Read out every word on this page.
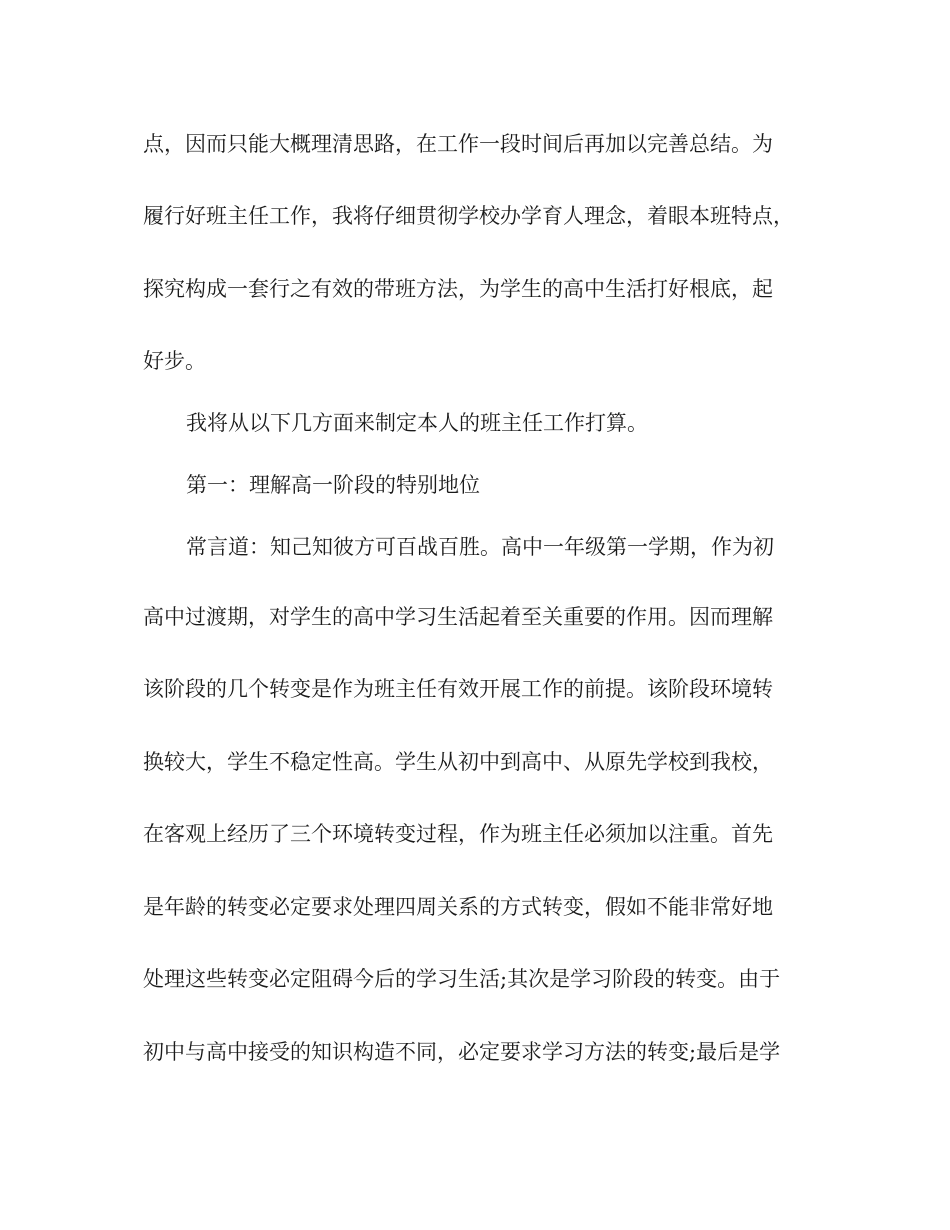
点，因而只能大概理清思路，在工作一段时间后再加以完善总结。为

履行好班主任工作，我将仔细贯彻学校办学育人理念，着眼本班特点，

探究构成一套行之有效的带班方法，为学生的高中生活打好根底，起

好步。

我将从以下几方面来制定本人的班主任工作打算。

第一：理解高一阶段的特别地位

常言道：知己知彼方可百战百胜。高中一年级第一学期，作为初

高中过渡期，对学生的高中学习生活起着至关重要的作用。因而理解

该阶段的几个转变是作为班主任有效开展工作的前提。该阶段环境转

换较大，学生不稳定性高。学生从初中到高中、从原先学校到我校，

在客观上经历了三个环境转变过程，作为班主任必须加以注重。首先

是年龄的转变必定要求处理四周关系的方式转变，假如不能非常好地

处理这些转变必定阻碍今后的学习生活;其次是学习阶段的转变。由于

初中与高中接受的知识构造不同，必定要求学习方法的转变;最后是学
